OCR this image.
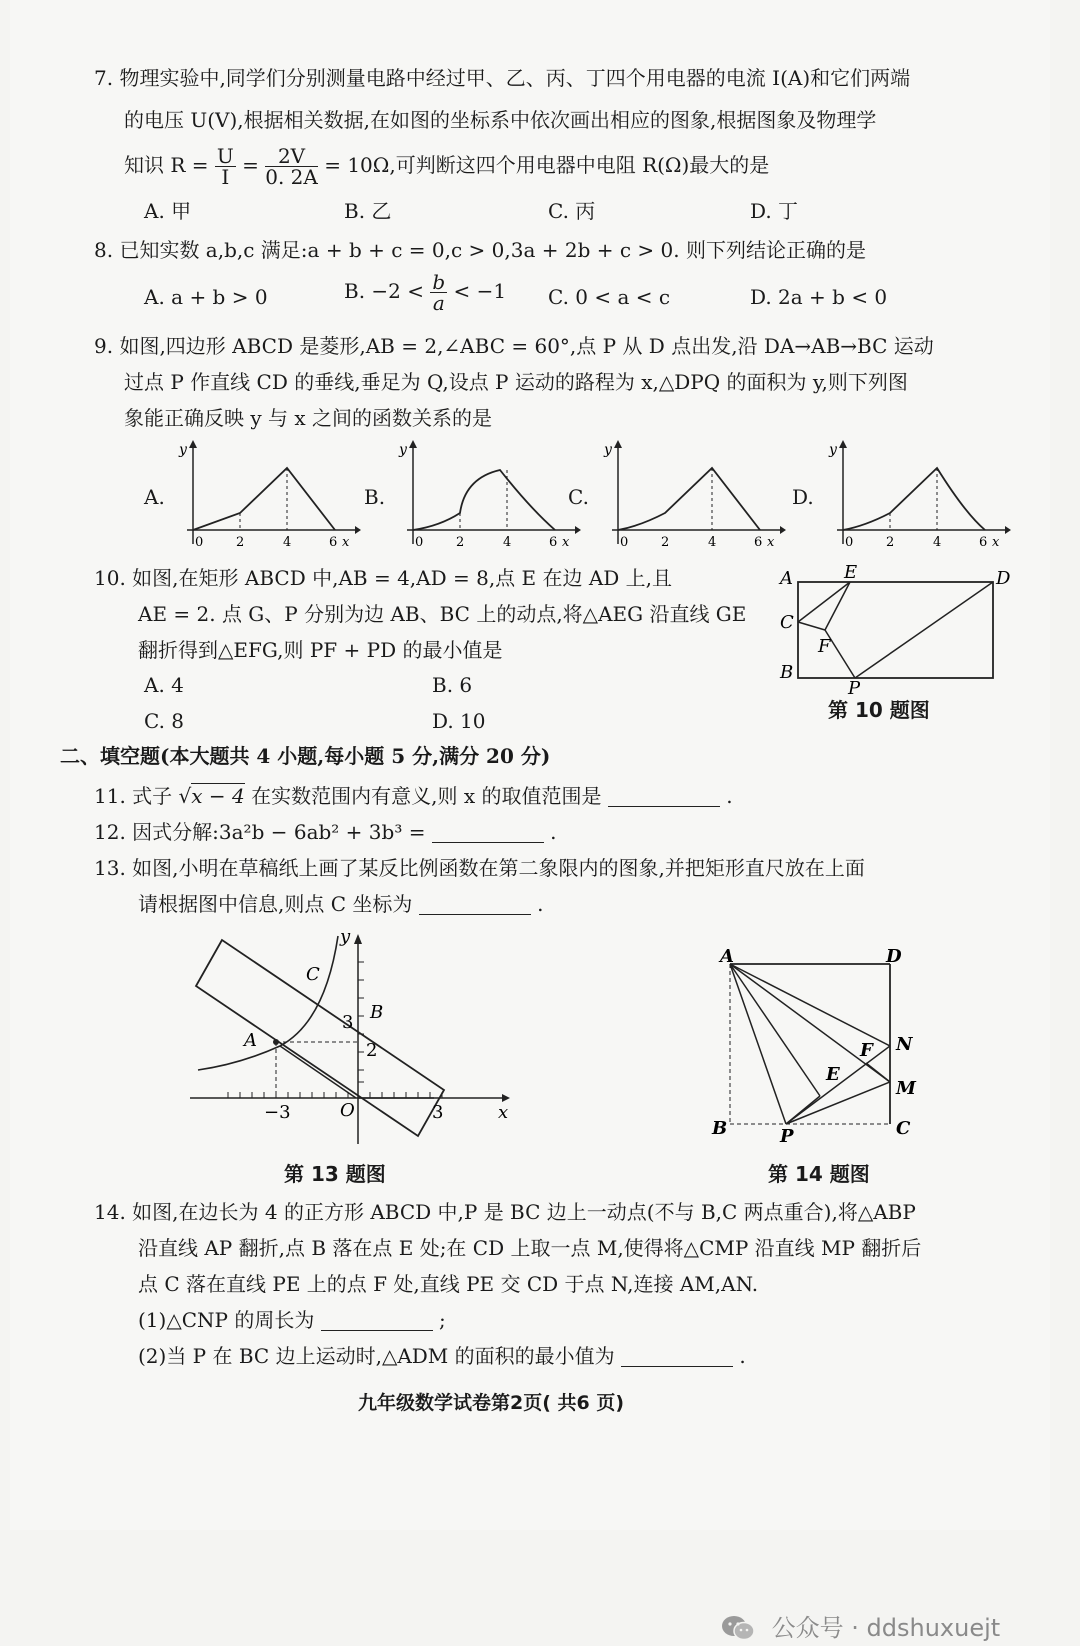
7. 物理实验中,同学们分别测量电路中经过甲、乙、丙、丁四个用电器的电流 I(A)和它们两端
的电压 U(V),根据相关数据,在如图的坐标系中依次画出相应的图象,根据图象及物理学
知识 $R = \frac{U}{I} = \frac{2V}{0. 2A} = 10\Omega$,可判断这四个用电器中电阻 R(Ω)最大的是
A. 甲	B. 乙	C. 丙	D. 丁
8. 已知实数 a,b,c 满足:a + b + c = 0,c > 0,3a + 2b + c > 0. 则下列结论正确的是
A. a + b > 0	B. $-2 < \frac{b}{a} < -1$ C. 0 < a < c	D. 2a + b < 0
9. 如图,四边形 ABCD 是菱形,AB = 2,∠ABC = 60°,点 P 从 D 点出发,沿 DA→AB→BC 运动
过点 P 作直线 CD 的垂线,垂足为 Q,设点 P 运动的路程为 x,△DPQ 的面积为 y,则下列图
象能正确反映 y 与 x 之间的函数关系的是
A.
y
0	2	4	6 x
B.
y
0	2	4	6 x
C.
y
0	2	4	6 x
D.
y
0	2	4	6 x
10. 如图,在矩形 ABCD 中,AB = 4,AD = 8,点 E 在边 AD 上,且
AE = 2. 点 G、P 分别为边 AB、BC 上的动点,将△AEG 沿直线 GE
翻折得到△EFG,则 PF + PD 的最小值是
A. 4	B. 6
C. 8	D. 10
A	E
C
F
B
P
D
第 10 题图
二、填空题(本大题共 4 小题,每小题 5 分,满分 20 分)
11. 式子 √x − 4 在实数范围内有意义,则 x 的取值范围是	.
12. 因式分解:3a²b − 6ab² + 3b³ =	.
13. 如图,小明在草稿纸上画了某反比例函数在第二象限内的图象,并把矩形直尺放在上面
请根据图中信息,则点 C 坐标为	.
y
x
C
B
A
O
−3	3
3
2
第 13 题图
A	D
N
F
E
M
B	P	C
第 14 题图
14. 如图,在边长为 4 的正方形 ABCD 中,P 是 BC 边上一动点(不与 B,C 两点重合),将△ABP
沿直线 AP 翻折,点 B 落在点 E 处;在 CD 上取一点 M,使得将△CMP 沿直线 MP 翻折后
点 C 落在直线 PE 上的点 F 处,直线 PE 交 CD 于点 N,连接 AM,AN.
(1)△CNP 的周长为	;
(2)当 P 在 BC 边上运动时,△ADM 的面积的最小值为	.
九年级数学试卷第2页( 共6 页)
公众号 · ddshuxuejt
